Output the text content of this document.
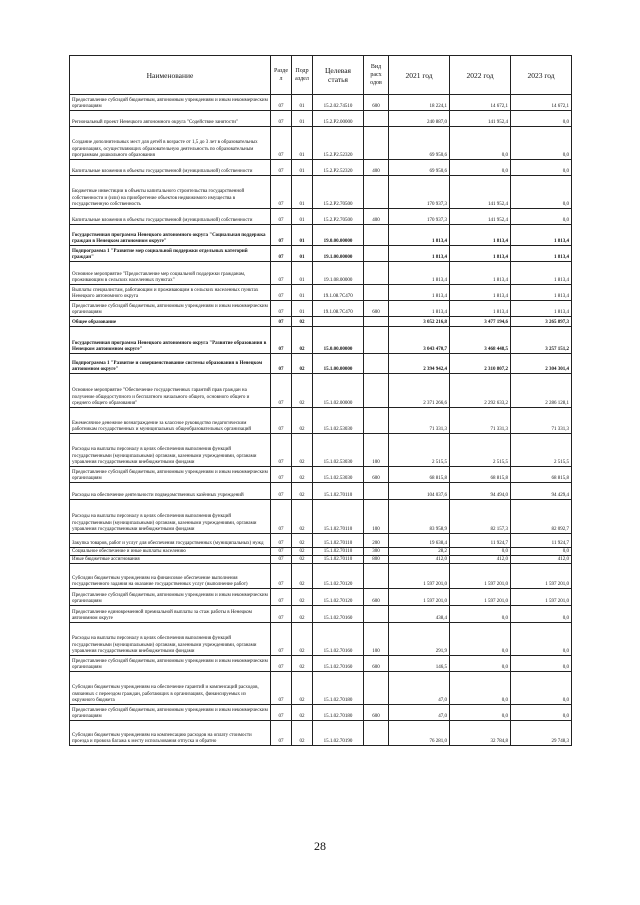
Наименование	Разде л	Подр аздел	Целевая статья	Вид расх одов	2021 год	2022 год	2023 год
Предоставление субсидий бюджетным, автономным учреждениям и иным некоммерческим организациям	07	01	15.2.02.74510	600	18 224,1	14 672,1	14 672,1
Региональный проект Ненецкого автономного округа "Содействие занятости"	07	01	15.2.P2.00000		240 887,0	141 952,4	0,0
Создание дополнительных мест для детей в возрасте от 1,5 до 3 лет в образовательных организациях, осуществляющих образовательную деятельность по образовательным программам дошкольного образования	07	01	15.2.P2.52320		69 950,6	0,0	0,0
Капитальные вложения в объекты государственной (муниципальной) собственности	07	01	15.2.P2.52320	400	69 950,6	0,0	0,0
Бюджетные инвестиции в объекты капитального строительства государственной собственности и (или) на приобретение объектов недвижимого имущества в государственную собственность	07	01	15.2.P2.70500		170 937,3	141 952,4	0,0
Капитальные вложения в объекты государственной (муниципальной) собственности	07	01	15.2.P2.70500	400	170 937,3	141 952,4	0,0
Государственная программа Ненецкого автономного округа "Социальная поддержка граждан в Ненецком автономном округе"	07	01	19.0.00.00000		1 813,4	1 813,4	1 813,4
Подпрограмма 1 "Развитие мер социальной поддержки отдельных категорий граждан"	07	01	19.1.00.00000		1 813,4	1 813,4	1 813,4
Основное мероприятие "Предоставление мер социальной поддержки гражданам, проживающим в сельских населенных пунктах"	07	01	19.1.08.00000		1 813,4	1 813,4	1 813,4
Выплаты специалистам, работающим и проживающим в сельских населенных пунктах Ненецкого автономного округа	07	01	19.1.08.7C470		1 813,4	1 813,4	1 813,4
Предоставление субсидий бюджетным, автономным учреждениям и иным некоммерческим организациям	07	01	19.1.08.7C470	600	1 813,4	1 813,4	1 813,4
Общее образование	07	02			3 052 216,8	3 477 194,6	3 265 897,3
Государственная программа Ненецкого автономного округа "Развитие образования в Ненецком автономном округе"	07	02	15.0.00.00000		3 043 470,7	3 468 448,5	3 257 151,2
Подпрограмма 1 "Развитие и совершенствование системы образования в Ненецком автономном округе"	07	02	15.1.00.00000		2 394 942,4	2 310 807,2	2 304 301,4
Основное мероприятие "Обеспечение государственных гарантий прав граждан на получение общедоступного и бесплатного начального общего, основного общего и среднего общего образования"	07	02	15.1.02.00000		2 371 266,6	2 292 633,2	2 286 128,1
Ежемесячное денежное вознаграждение за классное руководство педагогическим работникам государственных и муниципальных общеобразовательных организаций	07	02	15.1.02.53030		71 331,3	71 331,3	71 331,3
Расходы на выплаты персоналу в целях обеспечения выполнения функций государственными (муниципальными) органами, казенными учреждениями, органами управления государственными внебюджетными фондами	07	02	15.1.02.53030	100	2 515,5	2 515,5	2 515,5
Предоставление субсидий бюджетным, автономным учреждениям и иным некоммерческим организациям	07	02	15.1.02.53030	600	68 815,8	68 815,8	68 815,8
Расходы на обеспечение деятельности подведомственных казённых учреждений	07	02	15.1.02.70110		104 037,6	94 494,0	94 429,4
Расходы на выплаты персоналу в целях обеспечения выполнения функций государственными (муниципальными) органами, казенными учреждениями, органами управления государственными внебюджетными фондами	07	02	15.1.02.70110	100	83 958,9	82 157,3	82 092,7
Закупка товаров, работ и услуг для обеспечения государственных (муниципальных) нужд	07	02	15.1.02.70110	200	19 638,4	11 924,7	11 924,7
Социальное обеспечение и иные выплаты населению	07	02	15.1.02.70110	300	28,2	0,0	0,0
Иные бюджетные ассигнования	07	02	15.1.02.70110	800	412,0	412,0	412,0
Субсидии бюджетным учреждениям на финансовое обеспечение выполнения государственного задания на оказание государственных услуг (выполнение работ)	07	02	15.1.02.70120		1 597 201,0	1 597 201,0	1 597 201,0
Предоставление субсидий бюджетным, автономным учреждениям и иным некоммерческим организациям	07	02	15.1.02.70120	600	1 597 201,0	1 597 201,0	1 597 201,0
Предоставление единовременной премиальной выплаты за стаж работы в Ненецком автономном округе	07	02	15.1.02.70160		438,4	0,0	0,0
Расходы на выплаты персоналу в целях обеспечения выполнения функций государственными (муниципальными) органами, казенными учреждениями, органами управления государственными внебюджетными фондами	07	02	15.1.02.70160	100	291,9	0,0	0,0
Предоставление субсидий бюджетным, автономным учреждениям и иным некоммерческим организациям	07	02	15.1.02.70160	600	146,5	0,0	0,0
Субсидии бюджетным учреждениям на обеспечение гарантий и компенсаций расходов, связанных с переездом граждан, работающих в организациях, финансируемых из окружного бюджета	07	02	15.1.02.70180		47,0	0,0	0,0
Предоставление субсидий бюджетным, автономным учреждениям и иным некоммерческим организациям	07	02	15.1.02.70180	600	47,0	0,0	0,0
Субсидии бюджетным учреждениям на компенсацию расходов на оплату стоимости проезда и провоза багажа к месту использования отпуска и обратно	07	02	15.1.02.70190		76 281,0	32 784,8	29 748,3
28
